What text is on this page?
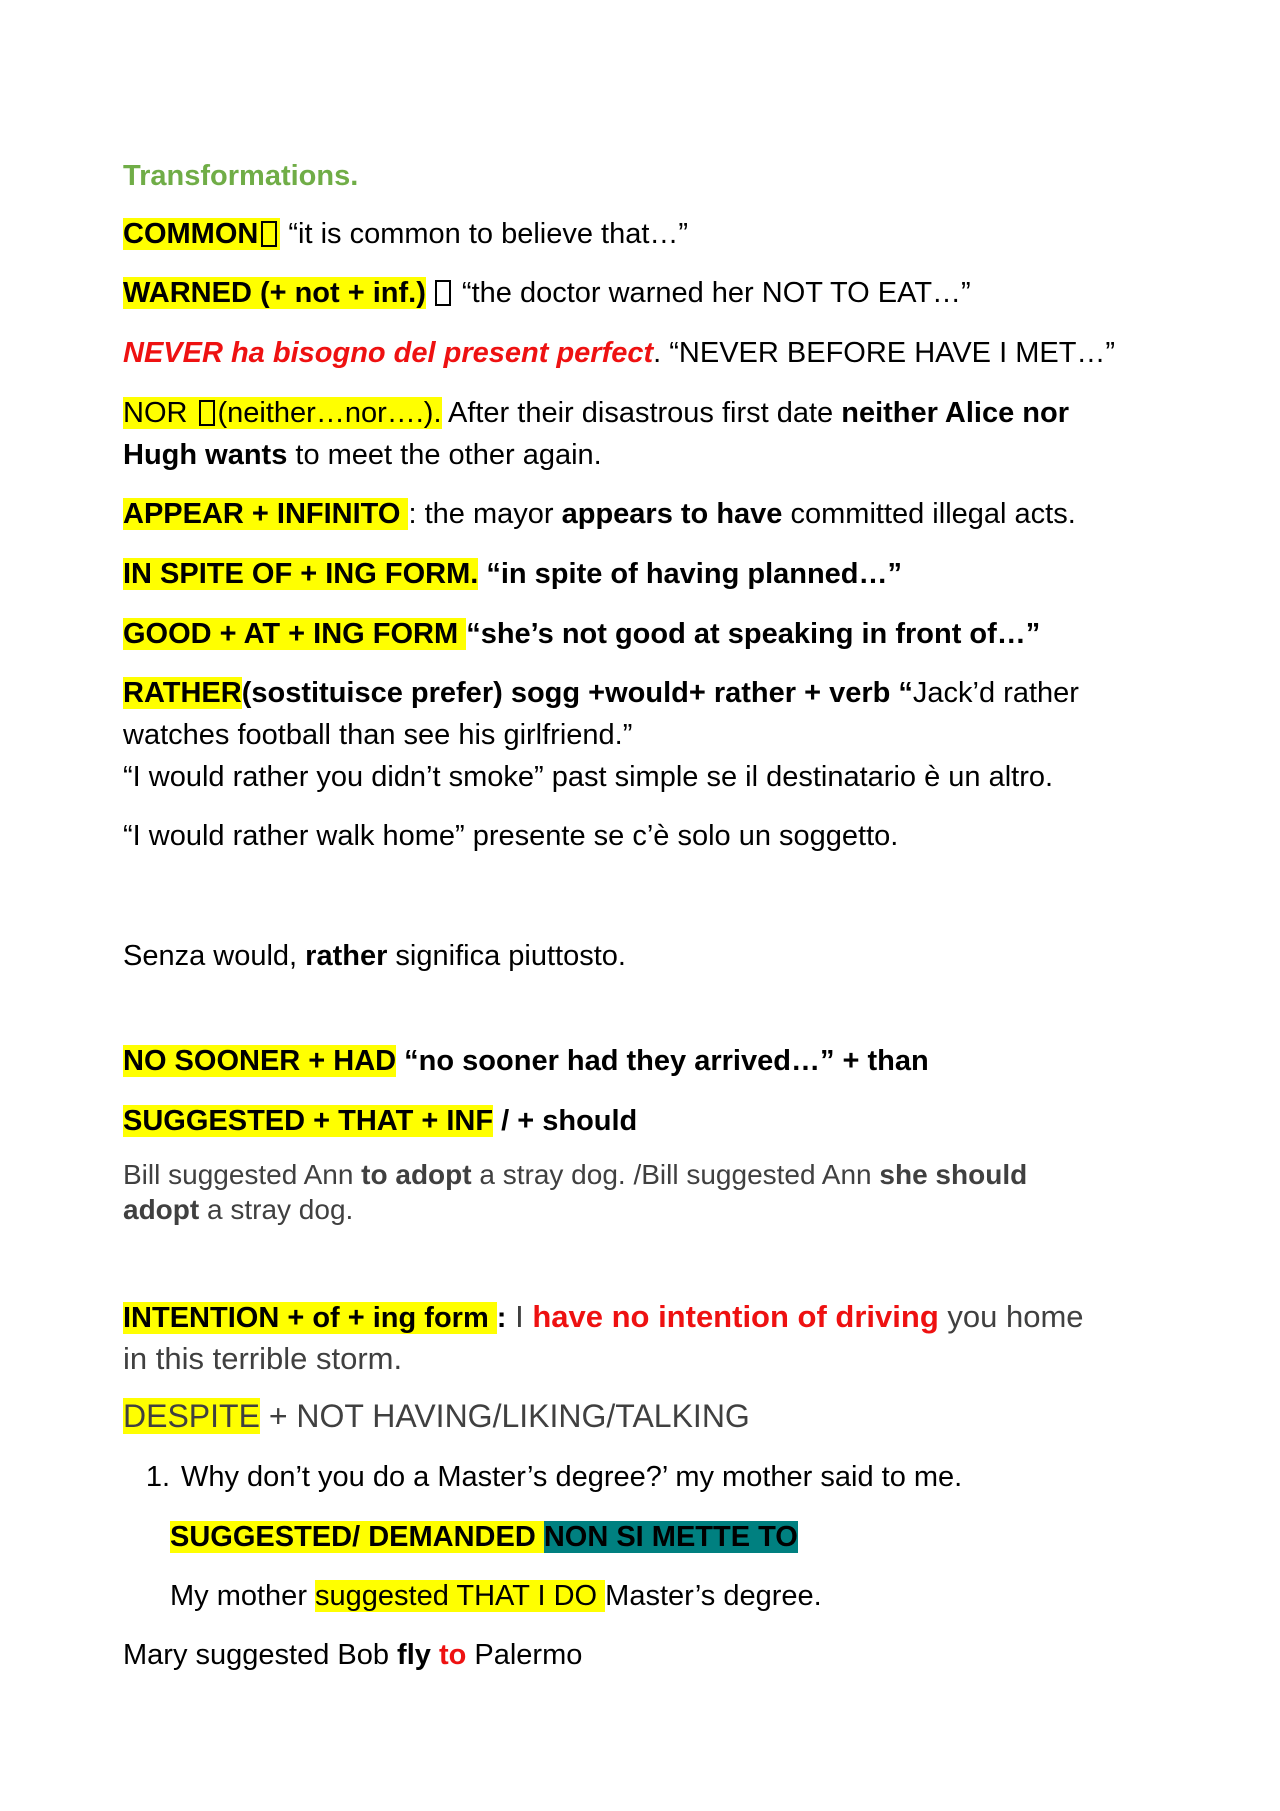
Transformations.
COMMON “it is common to believe that…”
WARNED (+ not + inf.) “the doctor warned her NOT TO EAT…”
NEVER ha bisogno del present perfect. “NEVER BEFORE HAVE I MET…”
NOR (neither…nor….). After their disastrous first date neither Alice nor
Hugh wants to meet the other again.
APPEAR + INFINITO : the mayor appears to have committed illegal acts.
IN SPITE OF + ING FORM. “in spite of having planned…”
GOOD + AT + ING FORM “she’s not good at speaking in front of…”
RATHER(sostituisce prefer) sogg +would+ rather + verb “Jack’d rather
watches football than see his girlfriend.”
“I would rather you didn’t smoke” past simple se il destinatario è un altro.
“I would rather walk home” presente se c’è solo un soggetto.
Senza would, rather significa piuttosto.
NO SOONER + HAD “no sooner had they arrived…” + than
SUGGESTED + THAT + INF / + should
Bill suggested Ann to adopt a stray dog. /Bill suggested Ann she should
adopt a stray dog.
INTENTION + of + ing form : I have no intention of driving you home
in this terrible storm.
DESPITE + NOT HAVING/LIKING/TALKING
1. Why don’t you do a Master’s degree?’ my mother said to me.
SUGGESTED/ DEMANDED NON SI METTE TO
My mother suggested THAT I DO Master’s degree.
Mary suggested Bob fly to Palermo
